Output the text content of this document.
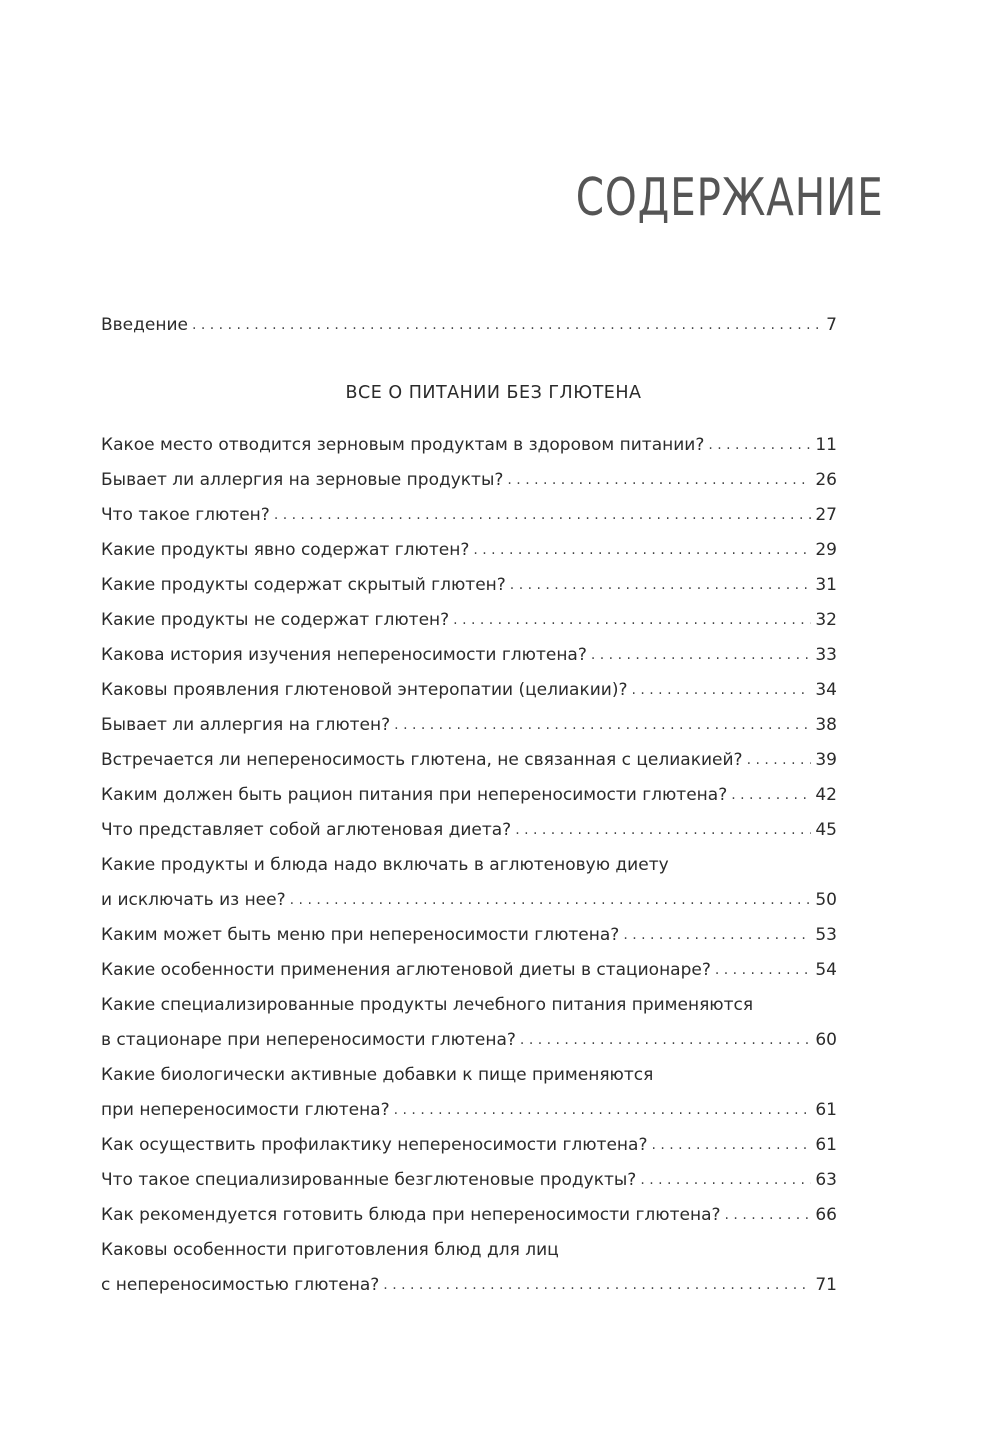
СОДЕРЖАНИЕ
Введение . . .	7
ВСЕ О ПИТАНИИ БЕЗ ГЛЮТЕНА
Какое место отводится зерновым продуктам в здоровом питании? . . .	11
Бывает ли аллергия на зерновые продукты? . . .	26
Что такое глютен? . . .	27
Какие продукты явно содержат глютен? . . .	29
Какие продукты содержат скрытый глютен? . . .	31
Какие продукты не содержат глютен? . . .	32
Какова история изучения непереносимости глютена? . . .	33
Каковы проявления глютеновой энтеропатии (целиакии)? . . .	34
Бывает ли аллергия на глютен? . . .	38
Встречается ли непереносимость глютена, не связанная с целиакией? . . .	39
Каким должен быть рацион питания при непереносимости глютена? . . .	42
Что представляет собой аглютеновая диета? . . .	45
Какие продукты и блюда надо включать в аглютеновую диету
и исключать из нее? . . .	50
Каким может быть меню при непереносимости глютена? . . .	53
Какие особенности применения аглютеновой диеты в стационаре? . . .	54
Какие специализированные продукты лечебного питания применяются
в стационаре при непереносимости глютена? . . .	60
Какие биологически активные добавки к пище применяются
при непереносимости глютена? . . .	61
Как осуществить профилактику непереносимости глютена? . . .	61
Что такое специализированные безглютеновые продукты? . . .	63
Как рекомендуется готовить блюда при непереносимости глютена? . . .	66
Каковы особенности приготовления блюд для лиц
с непереносимостью глютена? . . .	71
